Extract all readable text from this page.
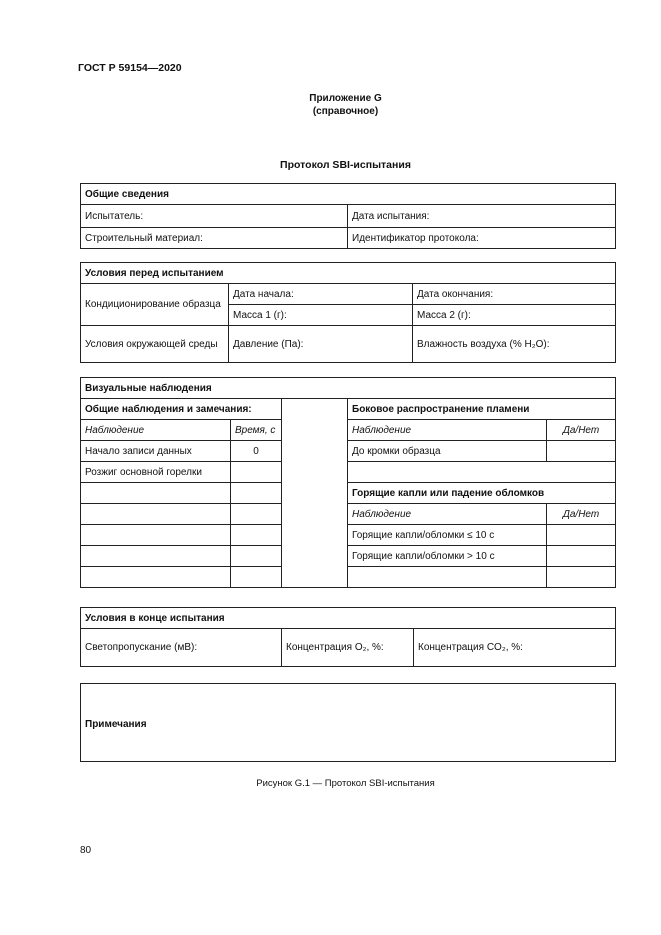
ГОСТ Р 59154—2020
Приложение G
(справочное)
Протокол SBI-испытания
Общие сведения	
Испытатель:	Дата испытания:
Строительный материал:	Идентификатор протокола:
Условия перед испытанием		
Кондиционирование образца	Дата начала:	Дата окончания:
	Масса 1 (г):	Масса 2 (г):
Условия окружающей среды	Давление (Па):	Влажность воздуха (% H₂O):
Визуальные наблюдения				
Общие наблюдения и замечания:			Боковое распространение пламени	
Наблюдение	Время, с		Наблюдение	Да/Нет
Начало записи данных	0		До кромки образца	
Розжиг основной горелки				
			Горящие капли или падение обломков	
			Наблюдение	Да/Нет
			Горящие капли/обломки ≤ 10 с	
			Горящие капли/обломки > 10 с	

Условия в конце испытания
Светопропускание (мВ):	Концентрация O₂, %:	Концентрация CO₂, %:
Примечания
Рисунок G.1 — Протокол SBI-испытания
80
